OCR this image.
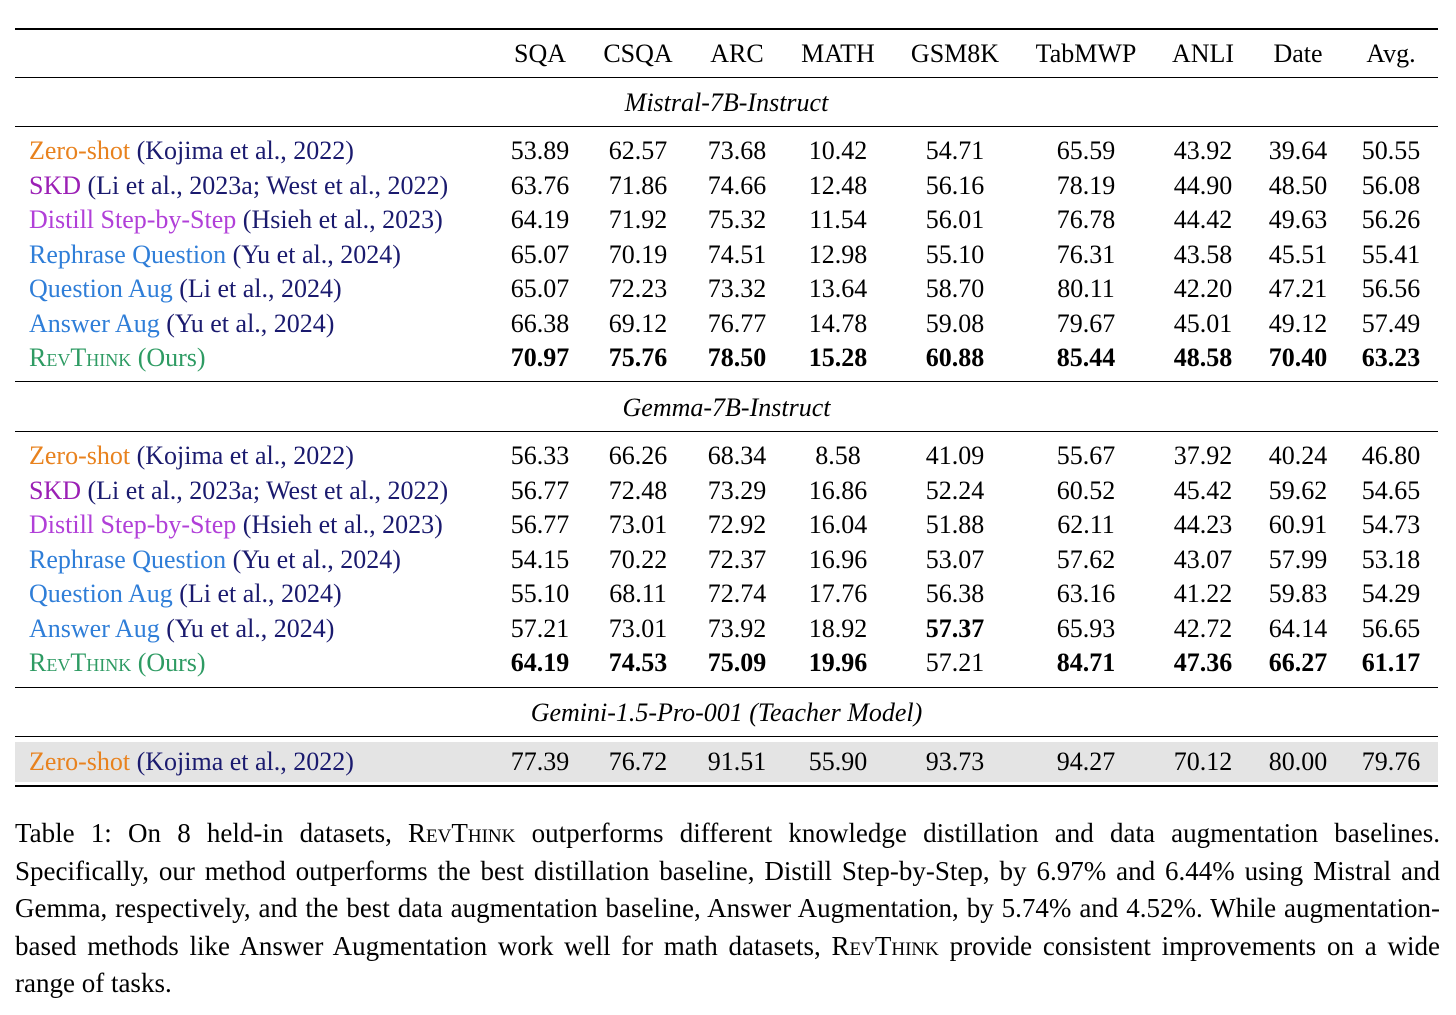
SQA	CSQA	ARC	MATH	GSM8K	TabMWP	ANLI	Date	Avg.
Mistral-7B-Instruct
Zero-shot (Kojima et al., 2022)	53.89	62.57	73.68	10.42	54.71	65.59	43.92	39.64	50.55
SKD (Li et al., 2023a; West et al., 2022)	63.76	71.86	74.66	12.48	56.16	78.19	44.90	48.50	56.08
Distill Step-by-Step (Hsieh et al., 2023)	64.19	71.92	75.32	11.54	56.01	76.78	44.42	49.63	56.26
Rephrase Question (Yu et al., 2024)	65.07	70.19	74.51	12.98	55.10	76.31	43.58	45.51	55.41
Question Aug (Li et al., 2024)	65.07	72.23	73.32	13.64	58.70	80.11	42.20	47.21	56.56
Answer Aug (Yu et al., 2024)	66.38	69.12	76.77	14.78	59.08	79.67	45.01	49.12	57.49
RevThink (Ours)	70.97	75.76	78.50	15.28	60.88	85.44	48.58	70.40	63.23
Gemma-7B-Instruct
Zero-shot (Kojima et al., 2022)	56.33	66.26	68.34	8.58	41.09	55.67	37.92	40.24	46.80
SKD (Li et al., 2023a; West et al., 2022)	56.77	72.48	73.29	16.86	52.24	60.52	45.42	59.62	54.65
Distill Step-by-Step (Hsieh et al., 2023)	56.77	73.01	72.92	16.04	51.88	62.11	44.23	60.91	54.73
Rephrase Question (Yu et al., 2024)	54.15	70.22	72.37	16.96	53.07	57.62	43.07	57.99	53.18
Question Aug (Li et al., 2024)	55.10	68.11	72.74	17.76	56.38	63.16	41.22	59.83	54.29
Answer Aug (Yu et al., 2024)	57.21	73.01	73.92	18.92	57.37	65.93	42.72	64.14	56.65
RevThink (Ours)	64.19	74.53	75.09	19.96	57.21	84.71	47.36	66.27	61.17
Gemini-1.5-Pro-001 (Teacher Model)
Zero-shot (Kojima et al., 2022)	77.39	76.72	91.51	55.90	93.73	94.27	70.12	80.00	79.76
Table 1: On 8 held-in datasets, RevThink outperforms different knowledge distillation and data augmentation baselines. Specifically, our method outperforms the best distillation baseline, Distill Step-by-Step, by 6.97% and 6.44% using Mistral and Gemma, respectively, and the best data augmentation baseline, Answer Augmentation, by 5.74% and 4.52%. While augmentation-based methods like Answer Augmentation work well for math datasets, RevThink provide consistent improvements on a wide range of tasks.
